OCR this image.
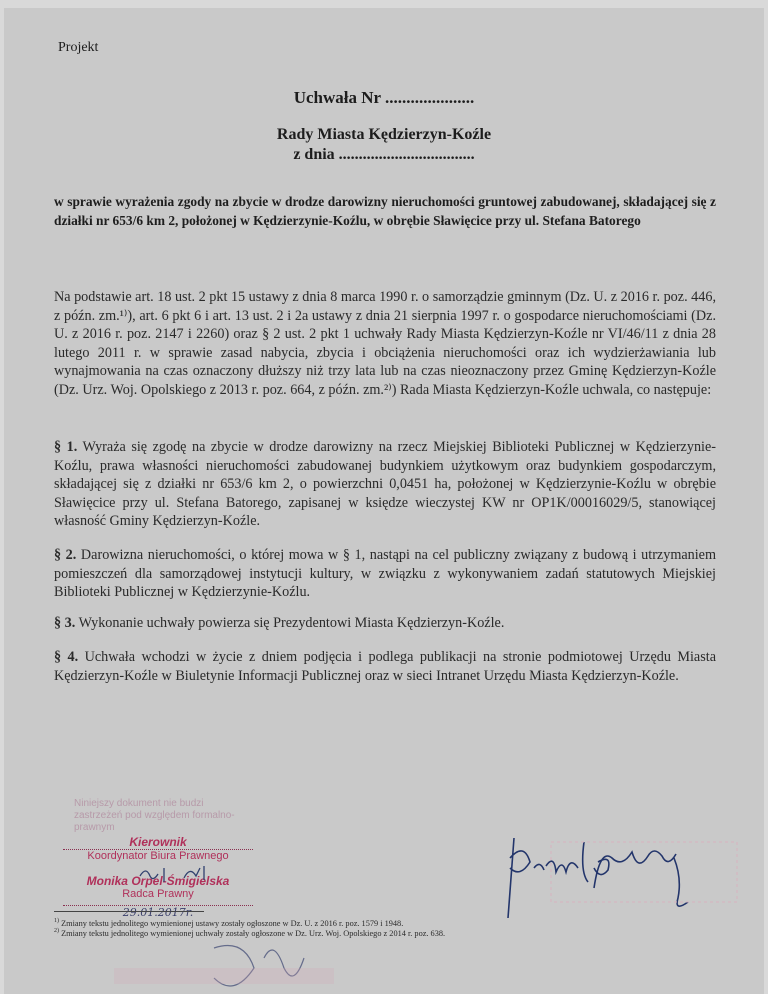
Projekt
Uchwała Nr .....................
Rady Miasta Kędzierzyn-Koźle
z dnia ..................................
w sprawie wyrażenia zgody na zbycie w drodze darowizny nieruchomości gruntowej zabudowanej, składającej się z działki nr 653/6 km 2, położonej w Kędzierzynie-Koźlu, w obrębie Sławięcice przy ul. Stefana Batorego
Na podstawie art. 18 ust. 2 pkt 15 ustawy z dnia 8 marca 1990 r. o samorządzie gminnym (Dz. U. z 2016 r. poz. 446, z późn. zm.¹⁾), art. 6 pkt 6 i art. 13 ust. 2 i 2a ustawy z dnia 21 sierpnia 1997 r. o gospodarce nieruchomościami (Dz. U. z 2016 r. poz. 2147 i 2260) oraz § 2 ust. 2 pkt 1 uchwały Rady Miasta Kędzierzyn-Koźle nr VI/46/11 z dnia 28 lutego 2011 r. w sprawie zasad nabycia, zbycia i obciążenia nieruchomości oraz ich wydzierżawiania lub wynajmowania na czas oznaczony dłuższy niż trzy lata lub na czas nieoznaczony przez Gminę Kędzierzyn-Koźle (Dz. Urz. Woj. Opolskiego z 2013 r. poz. 664, z późn. zm.²⁾) Rada Miasta Kędzierzyn-Koźle uchwala, co następuje:
§ 1. Wyraża się zgodę na zbycie w drodze darowizny na rzecz Miejskiej Biblioteki Publicznej w Kędzierzynie-Koźlu, prawa własności nieruchomości zabudowanej budynkiem użytkowym oraz budynkiem gospodarczym, składającej się z działki nr 653/6 km 2, o powierzchni 0,0451 ha, położonej w Kędzierzynie-Koźlu w obrębie Sławięcice przy ul. Stefana Batorego, zapisanej w księdze wieczystej KW nr OP1K/00016029/5, stanowiącej własność Gminy Kędzierzyn-Koźle.
§ 2. Darowizna nieruchomości, o której mowa w § 1, nastąpi na cel publiczny związany z budową i utrzymaniem pomieszczeń dla samorządowej instytucji kultury, w związku z wykonywaniem zadań statutowych Miejskiej Biblioteki Publicznej w Kędzierzynie-Koźlu.
§ 3. Wykonanie uchwały powierza się Prezydentowi Miasta Kędzierzyn-Koźle.
§ 4. Uchwała wchodzi w życie z dniem podjęcia i podlega publikacji na stronie podmiotowej Urzędu Miasta Kędzierzyn-Koźle w Biuletynie Informacji Publicznej oraz w sieci Intranet Urzędu Miasta Kędzierzyn-Koźle.
Niniejszy dokument nie budzi zastrzeżeń pod względem formalno-prawnym
Kierownik
Koordynator Biura Prawnego
Monika Orpel-Śmigielska
Radca Prawny
29.01.2017r.
$^{1)}$ Zmiany tekstu jednolitego wymienionej ustawy zostały ogłoszone w Dz. U. z 2016 r. poz. 1579 i 1948.
$^{2)}$ Zmiany tekstu jednolitego wymienionej uchwały zostały ogłoszone w Dz. Urz. Woj. Opolskiego z 2014 r. poz. 638.
